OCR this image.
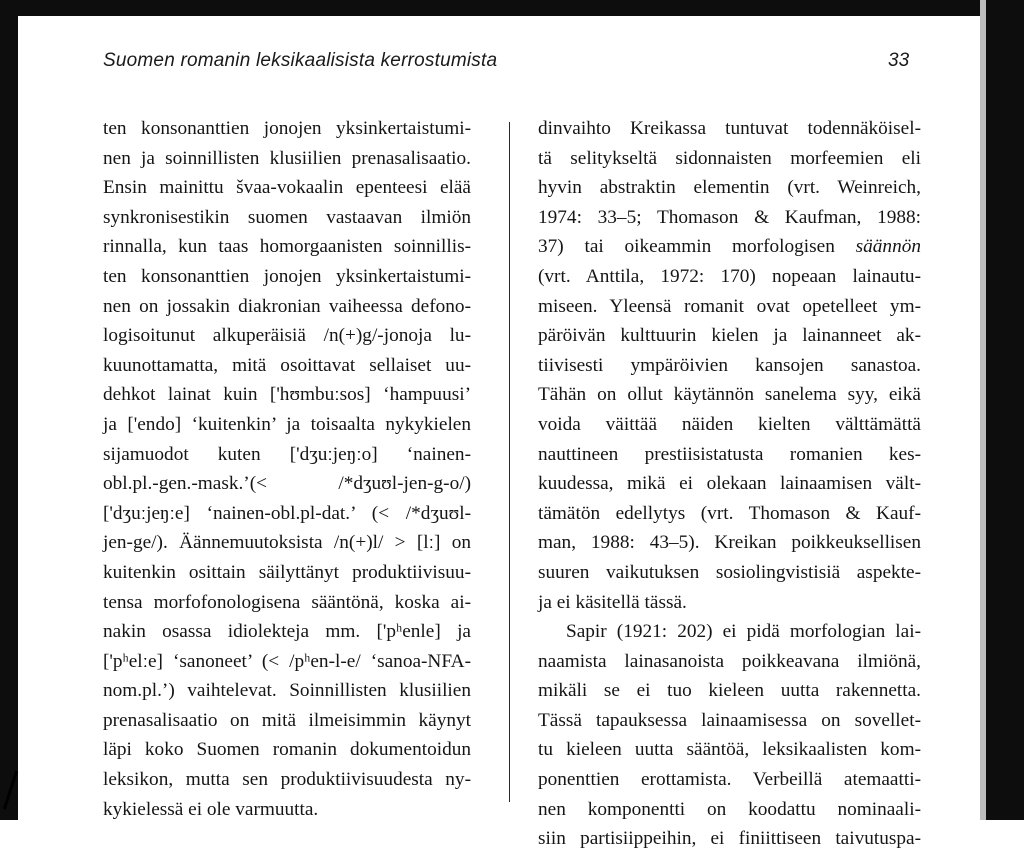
Suomen romanin leksikaalisista kerrostumista	33
ten konsonanttien jonojen yksinkertaistumi-
nen ja soinnillisten klusiilien prenasalisaatio.
Ensin mainittu švaa-vokaalin epenteesi elää
synkronisestikin suomen vastaavan ilmiön
rinnalla, kun taas homorgaanisten soinnillis-
ten konsonanttien jonojen yksinkertaistumi-
nen on jossakin diakronian vaiheessa defono-
logisoitunut alkuperäisiä /n(+)g/-jonoja lu-
kuunottamatta, mitä osoittavat sellaiset uu-
dehkot lainat kuin ['hʊmbuːsos] ‘hampuusi’
ja ['endo] ‘kuitenkin’ ja toisaalta nykykielen
sijamuodot kuten ['dʒuːjeŋːo] ‘nainen-
obl.pl.-gen.-mask.’(< /*dʒuʊl-jen-g-o/)
['dʒuːjeŋːe] ‘nainen-obl.pl-dat.’ (< /*dʒuʊl-
jen-ge/). Äännemuutoksista /n(+)l/ > [lː] on
kuitenkin osittain säilyttänyt produktiivisuu-
tensa morfofonologisena sääntönä, koska ai-
nakin osassa idiolekteja mm. ['pʰenle] ja
['pʰelːe] ‘sanoneet’ (< /pʰen-l-e/ ‘sanoa-NFA-
nom.pl.’) vaihtelevat. Soinnillisten klusiilien
prenasalisaatio on mitä ilmeisimmin käynyt
läpi koko Suomen romanin dokumentoidun
leksikon, mutta sen produktiivisuudesta ny-
kykielessä ei ole varmuutta.
dinvaihto Kreikassa tuntuvat todennäköisel-
tä selitykseltä sidonnaisten morfeemien eli
hyvin abstraktin elementin (vrt. Weinreich,
1974: 33–5; Thomason & Kaufman, 1988:
37) tai oikeammin morfologisen säännön
(vrt. Anttila, 1972: 170) nopeaan lainautu-
miseen. Yleensä romanit ovat opetelleet ym-
päröivän kulttuurin kielen ja lainanneet ak-
tiivisesti ympäröivien kansojen sanastoa.
Tähän on ollut käytännön sanelema syy, eikä
voida väittää näiden kielten välttämättä
nauttineen prestiisistatusta romanien kes-
kuudessa, mikä ei olekaan lainaamisen vält-
tämätön edellytys (vrt. Thomason & Kauf-
man, 1988: 43–5). Kreikan poikkeuksellisen
suuren vaikutuksen sosiolingvistisiä aspekte-
ja ei käsitellä tässä.
Sapir (1921: 202) ei pidä morfologian lai-
naamista lainasanoista poikkeavana ilmiönä,
mikäli se ei tuo kieleen uutta rakennetta.
Tässä tapauksessa lainaamisessa on sovellet-
tu kieleen uutta sääntöä, leksikaalisten kom-
ponenttien erottamista. Verbeillä atemaatti-
nen komponentti on koodattu nominaali-
siin partisiippeihin, ei finiittiseen taivutuspa-
